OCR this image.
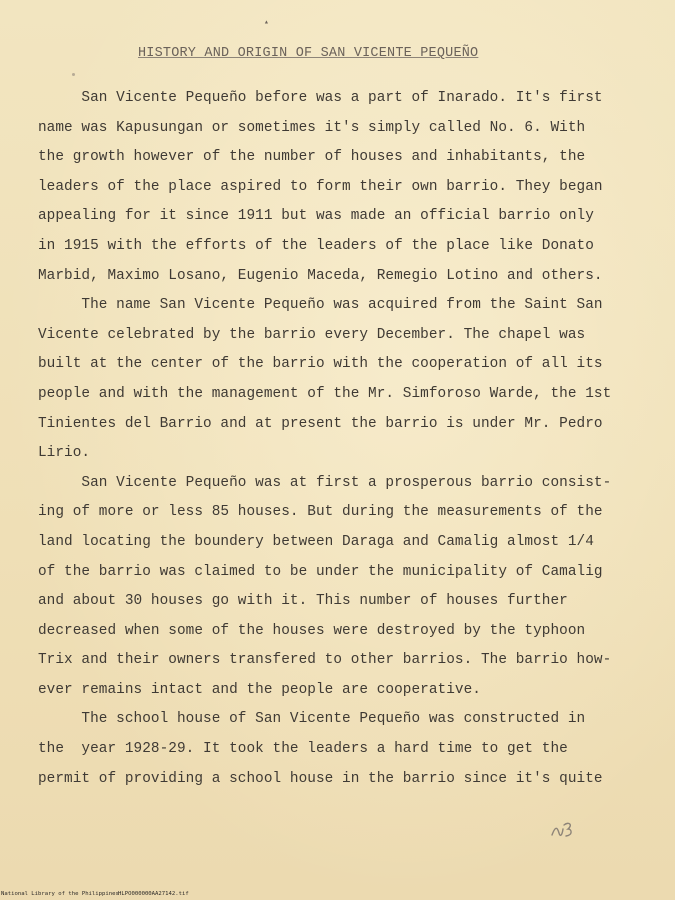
▴
HISTORY AND ORIGIN OF SAN VICENTE PEQUEÑO
San Vicente Pequeño before was a part of Inarado. It's first
name was Kapusungan or sometimes it's simply called No. 6. With
the growth however of the number of houses and inhabitants, the
leaders of the place aspired to form their own barrio. They began
appealing for it since 1911 but was made an official barrio only
in 1915 with the efforts of the leaders of the place like Donato
Marbid, Maximo Losano, Eugenio Maceda, Remegio Lotino and others.
The name San Vicente Pequeño was acquired from the Saint San
Vicente celebrated by the barrio every December. The chapel was
built at the center of the barrio with the cooperation of all its
people and with the management of the Mr. Simforoso Warde, the 1st
Tinientes del Barrio and at present the barrio is under Mr. Pedro
Lirio.
San Vicente Pequeño was at first a prosperous barrio consist-
ing of more or less 85 houses. But during the measurements of the
land locating the boundery between Daraga and Camalig almost 1/4
of the barrio was claimed to be under the municipality of Camalig
and about 30 houses go with it. This number of houses further
decreased when some of the houses were destroyed by the typhoon
Trix and their owners transfered to other barrios. The barrio how-
ever remains intact and the people are cooperative.
The school house of San Vicente Pequeño was constructed in
the  year 1928-29. It took the leaders a hard time to get the
permit of providing a school house in the barrio since it's quite
National Library of the Philippines HLPO000000AA27142.tif
